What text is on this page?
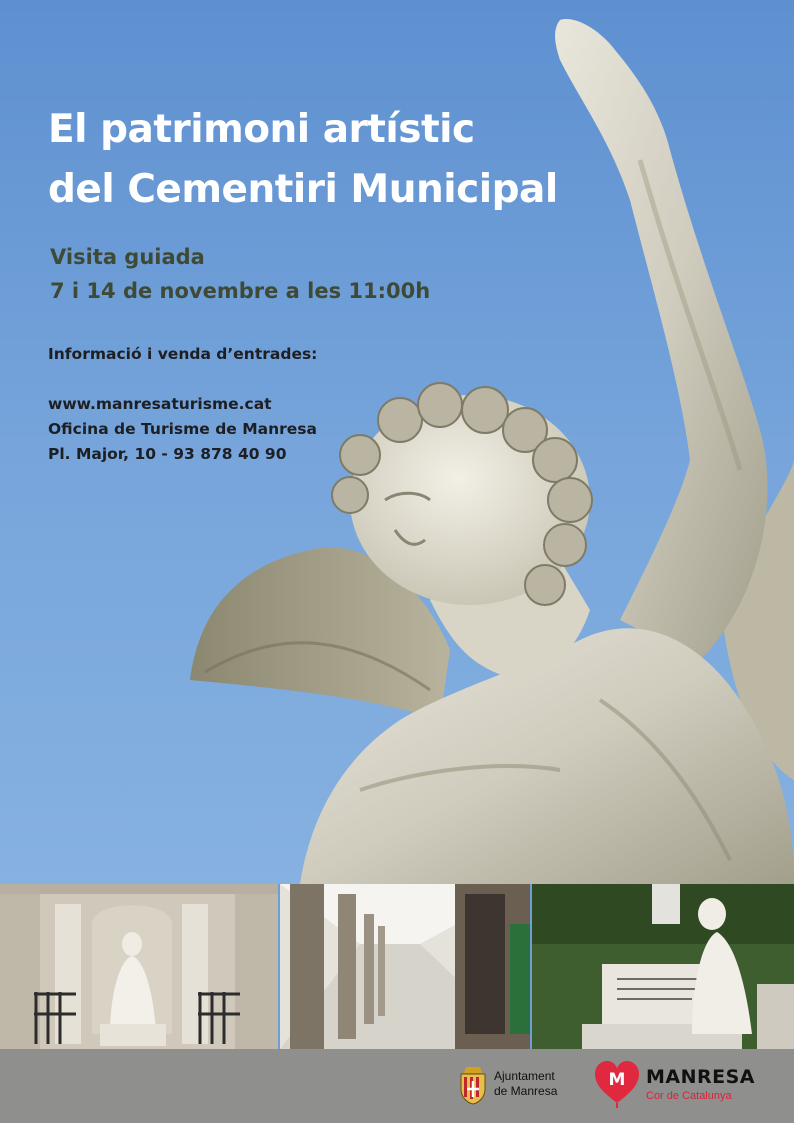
El patrimoni artístic
del Cementiri Municipal
Visita guiada
7 i 14 de novembre a les 11:00h
Informació i venda d’entrades:
www.manresaturisme.cat
Oficina de Turisme de Manresa
Pl. Major, 10 - 93 878 40 90
Ajuntament
de Manresa
M MANRESA
Cor de Catalunya
